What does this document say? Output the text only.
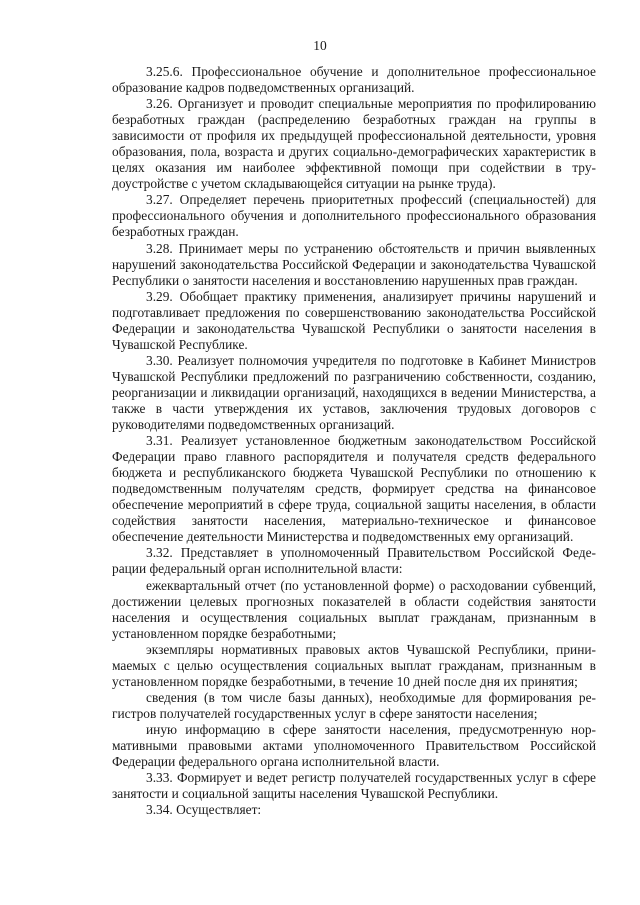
10

3.25.6. Профессиональное обучение и дополнительное профессиональное образование кадров подведомственных организаций.

3.26. Организует и проводит специальные мероприятия по профилированию безработных граждан (распределению безработных граждан на группы в зависимости от профиля их предыдущей профессиональной деятельности, уровня образования, пола, возраста и других социально-демографических характеристик в целях оказания им наиболее эффективной помощи при содействии в трудоустройстве с учетом складывающейся ситуации на рынке труда).

3.27. Определяет перечень приоритетных профессий (специальностей) для профессионального обучения и дополнительного профессионального образования безработных граждан.

3.28. Принимает меры по устранению обстоятельств и причин выявленных нарушений законодательства Российской Федерации и законодательства Чувашской Республики о занятости населения и восстановлению нарушенных прав граждан.

3.29. Обобщает практику применения, анализирует причины нарушений и подготавливает предложения по совершенствованию законодательства Российской Федерации и законодательства Чувашской Республики о занятости населения в Чувашской Республике.

3.30. Реализует полномочия учредителя по подготовке в Кабинет Министров Чувашской Республики предложений по разграничению собственности, созданию, реорганизации и ликвидации организаций, находящихся в ведении Министерства, а также в части утверждения их уставов, заключения трудовых договоров с руководителями подведомственных организаций.

3.31. Реализует установленное бюджетным законодательством Российской Федерации право главного распорядителя и получателя средств федерального бюджета и республиканского бюджета Чувашской Республики по отношению к подведомственным получателям средств, формирует средства на финансовое обеспечение мероприятий в сфере труда, социальной защиты населения, в области содействия занятости населения, материально-техническое и финансовое обеспечение деятельности Министерства и подведомственных ему организаций.

3.32. Представляет в уполномоченный Правительством Российской Федерации федеральный орган исполнительной власти:

ежеквартальный отчет (по установленной форме) о расходовании субвенций, достижении целевых прогнозных показателей в области содействия занятости населения и осуществления социальных выплат гражданам, признанным в установленном порядке безработными;

экземпляры нормативных правовых актов Чувашской Республики, принимаемых с целью осуществления социальных выплат гражданам, признанным в установленном порядке безработными, в течение 10 дней после дня их принятия;

сведения (в том числе базы данных), необходимые для формирования регистров получателей государственных услуг в сфере занятости населения;

иную информацию в сфере занятости населения, предусмотренную нормативными правовыми актами уполномоченного Правительством Российской Федерации федерального органа исполнительной власти.

3.33. Формирует и ведет регистр получателей государственных услуг в сфере занятости и социальной защиты населения Чувашской Республики.

3.34. Осуществляет:
